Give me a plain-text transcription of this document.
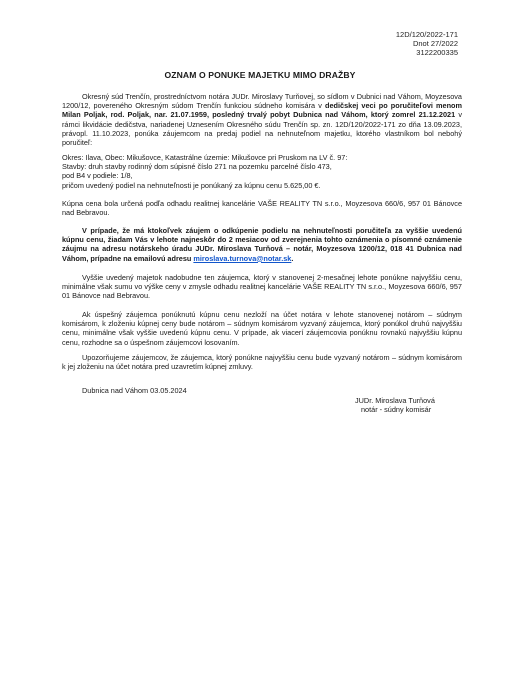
12D/120/2022-171
Dnot 27/2022
3122200335
OZNAM O PONUKE MAJETKU MIMO DRAŽBY
Okresný súd Trenčín, prostredníctvom notára JUDr. Miroslavy Turňovej, so sídlom v Dubnici nad Váhom, Moyzesova 1200/12, povereného Okresným súdom Trenčín funkciou súdneho komisára v dedičskej veci po poručiteľovi menom Milan Poljak, rod. Poljak, nar. 21.07.1959, posledný trvalý pobyt Dubnica nad Váhom, ktorý zomrel 21.12.2021 v rámci likvidácie dedičstva, nariadenej Uznesením Okresného súdu Trenčín sp. zn. 12D/120/2022-171 zo dňa 13.09.2023, právopl. 11.10.2023, ponúka záujemcom na predaj podiel na nehnuteľnom majetku, ktorého vlastníkom bol nebohý poručiteľ:
Okres: Ilava, Obec: Mikušovce, Katastrálne územie: Mikušovce pri Pruskom na LV č. 97:
Stavby: druh stavby rodinný dom súpisné číslo 271 na pozemku parcelné číslo 473,
pod B4 v podiele: 1/8,
pričom uvedený podiel na nehnuteľnosti je ponúkaný za kúpnu cenu 5.625,00 €.
Kúpna cena bola určená podľa odhadu realitnej kancelárie VAŠE REALITY TN s.r.o., Moyzesova 660/6, 957 01 Bánovce nad Bebravou.
V prípade, že má ktokoľvek záujem o odkúpenie podielu na nehnuteľnosti poručiteľa za vyššie uvedenú kúpnu cenu, žiadam Vás v lehote najneskôr do 2 mesiacov od zverejnenia tohto oznámenia o písomné oznámenie záujmu na adresu notárskeho úradu JUDr. Miroslava Turňová – notár, Moyzesova 1200/12, 018 41 Dubnica nad Váhom, prípadne na emailovú adresu miroslava.turnova@notar.sk.
Vyššie uvedený majetok nadobudne ten záujemca, ktorý v stanovenej 2-mesačnej lehote ponúkne najvyššiu cenu, minimálne však sumu vo výške ceny v zmysle odhadu realitnej kancelárie VAŠE REALITY TN s.r.o., Moyzesova 660/6, 957 01 Bánovce nad Bebravou.
Ak úspešný záujemca ponúknutú kúpnu cenu nezloží na účet notára v lehote stanovenej notárom – súdnym komisárom, k zloženiu kúpnej ceny bude notárom – súdnym komisárom vyzvaný záujemca, ktorý ponúkol druhú najvyššiu cenu, minimálne však vyššie uvedenú kúpnu cenu. V prípade, ak viacerí záujemcovia ponúknu rovnakú najvyššiu kúpnu cenu, rozhodne sa o úspešnom záujemcovi losovaním.
Upozorňujeme záujemcov, že záujemca, ktorý ponúkne najvyššiu cenu bude vyzvaný notárom – súdnym komisárom k jej zloženiu na účet notára pred uzavretím kúpnej zmluvy.
Dubnica nad Váhom 03.05.2024
JUDr. Miroslava Turňová
notár - súdny komisár
